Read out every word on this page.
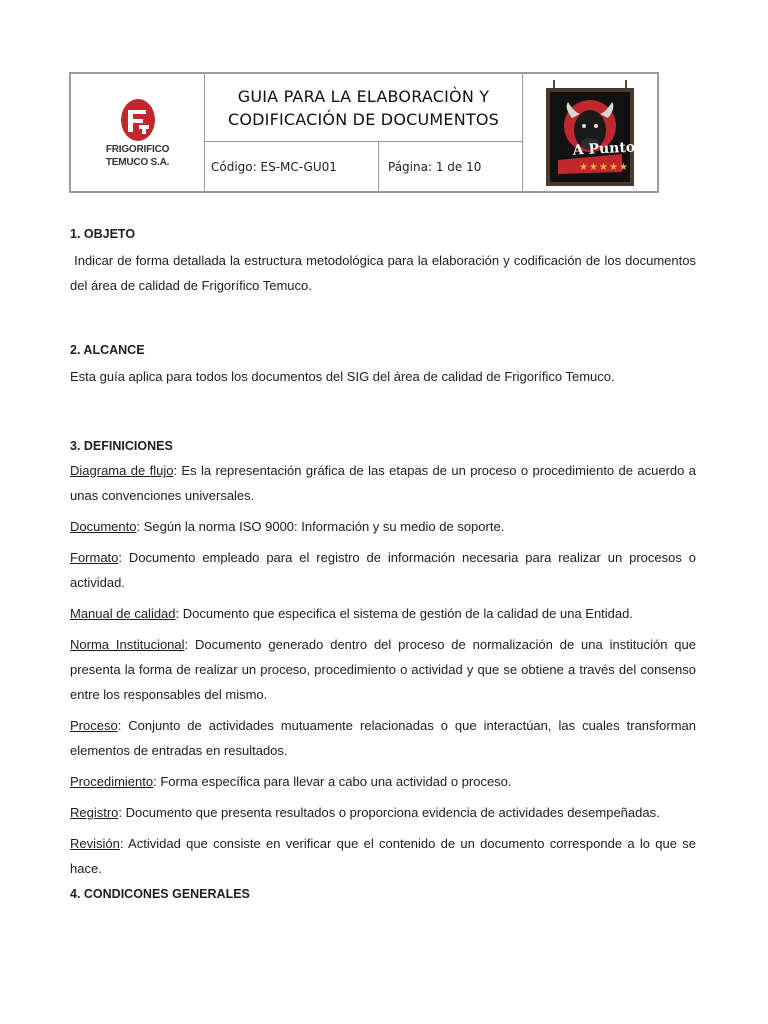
FRIGORIFICO
TEMUCO S.A.
GUIA PARA LA ELABORACIÒN Y
CODIFICACIÓN DE DOCUMENTOS
Código: ES-MC-GU01	Página: 1 de 10
A Punto
★★★★★

1. OBJETO

Indicar de forma detallada la estructura metodológica para la elaboración y codificación de los documentos del área de calidad de Frigorífico Temuco.

2. ALCANCE

Esta guía aplica para todos los documentos del SIG del área de calidad de Frigorífico Temuco.

3. DEFINICIONES

Diagrama de flujo: Es la representación gráfica de las etapas de un proceso o procedimiento de acuerdo a unas convenciones universales.

Documento: Según la norma ISO 9000: Información y su medio de soporte.

Formato: Documento empleado para el registro de información necesaria para realizar un procesos o actividad.

Manual de calidad: Documento que especifica el sistema de gestión de la calidad de una Entidad.

Norma Institucional: Documento generado dentro del proceso de normalización de una institución que presenta la forma de realizar un proceso, procedimiento o actividad y que se obtiene a través del consenso entre los responsables del mismo.

Proceso: Conjunto de actividades mutuamente relacionadas o que interactúan, las cuales transforman elementos de entradas en resultados.

Procedimiento: Forma específica para llevar a cabo una actividad o proceso.

Registro: Documento que presenta resultados o proporciona evidencia de actividades desempeñadas.

Revisión: Actividad que consiste en verificar que el contenido de un documento corresponde a lo que se hace.

4. CONDICONES GENERALES
